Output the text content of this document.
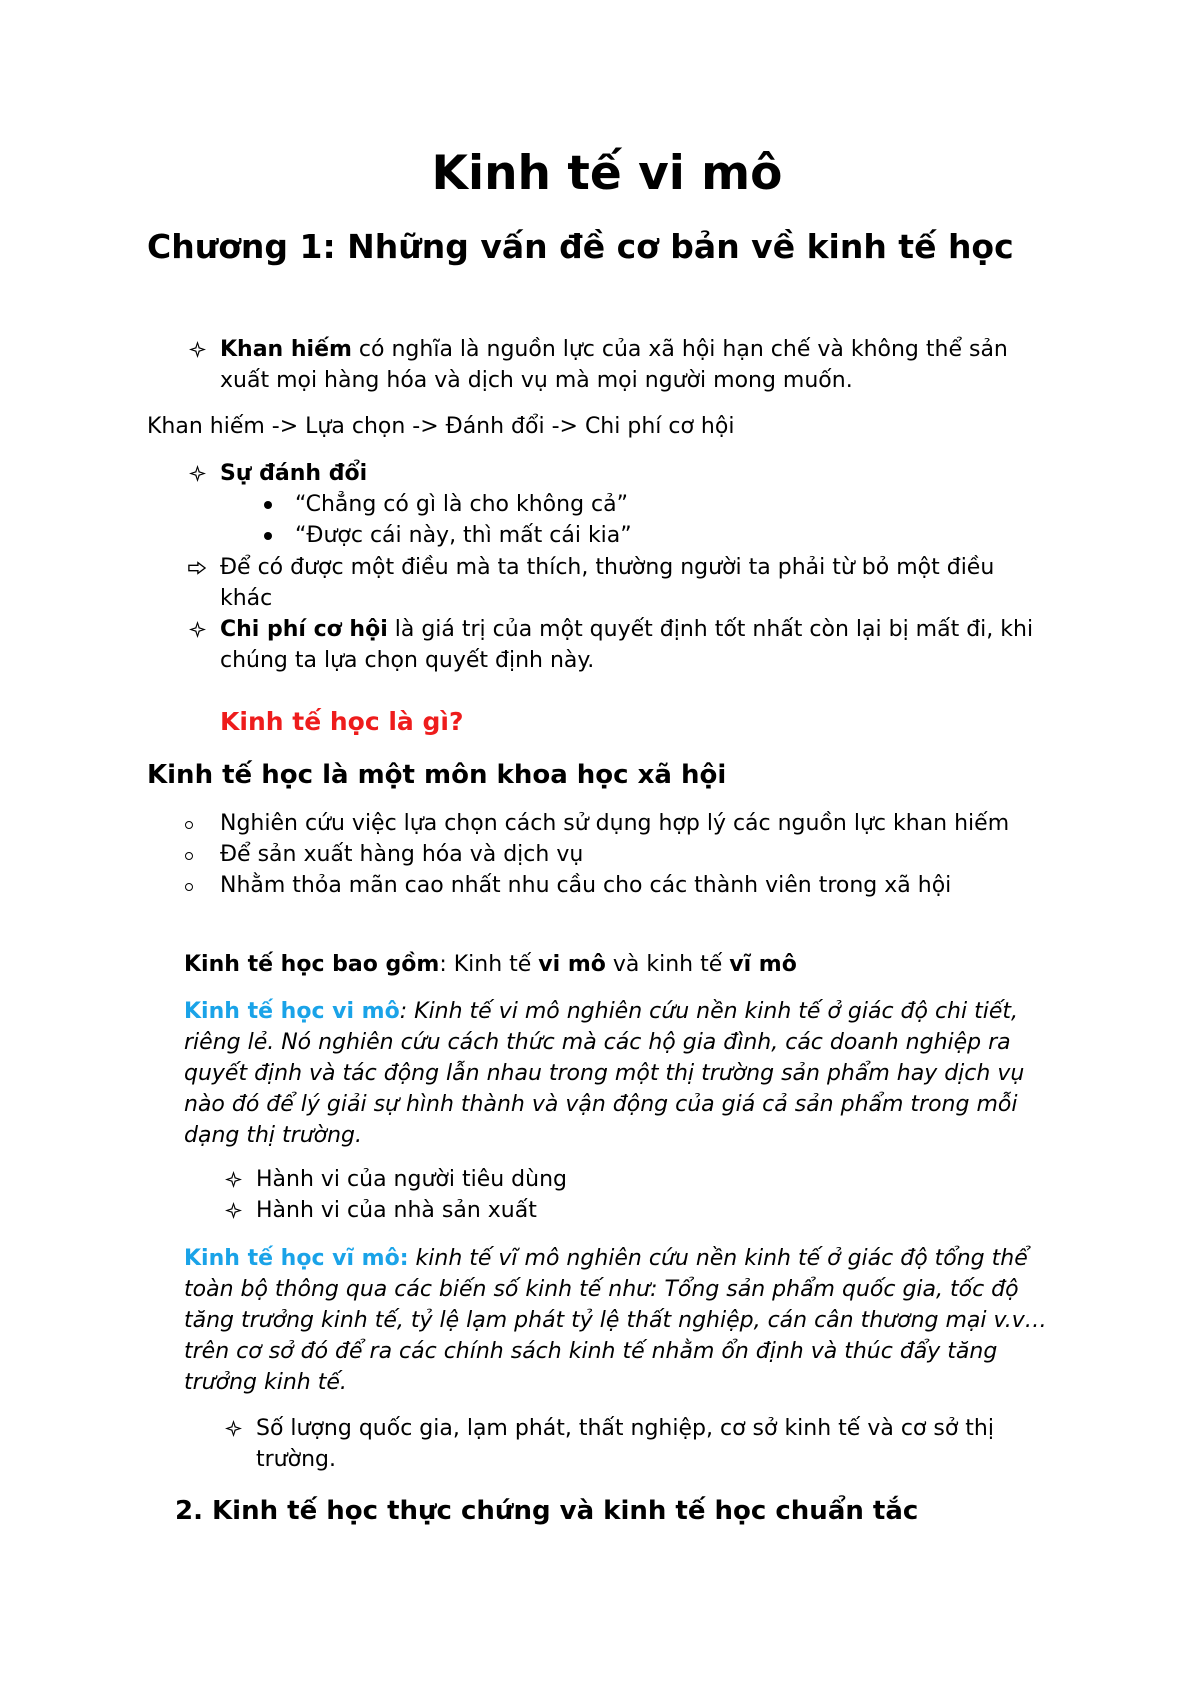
Kinh tế vi mô
Chương 1: Những vấn đề cơ bản về kinh tế học
Khan hiếm có nghĩa là nguồn lực của xã hội hạn chế và không thể sản xuất mọi hàng hóa và dịch vụ mà mọi người mong muốn.
Khan hiếm -> Lựa chọn -> Đánh đổi -> Chi phí cơ hội
Sự đánh đổi
“Chẳng có gì là cho không cả”
“Được cái này, thì mất cái kia”
Để có được một điều mà ta thích, thường người ta phải từ bỏ một điều khác
Chi phí cơ hội là giá trị của một quyết định tốt nhất còn lại bị mất đi, khi chúng ta lựa chọn quyết định này.
Kinh tế học là gì?
Kinh tế học là một môn khoa học xã hội
Nghiên cứu việc lựa chọn cách sử dụng hợp lý các nguồn lực khan hiếm
Để sản xuất hàng hóa và dịch vụ
Nhằm thỏa mãn cao nhất nhu cầu cho các thành viên trong xã hội
Kinh tế học bao gồm: Kinh tế vi mô và kinh tế vĩ mô
Kinh tế học vi mô: Kinh tế vi mô nghiên cứu nền kinh tế ở giác độ chi tiết, riêng lẻ. Nó nghiên cứu cách thức mà các hộ gia đình, các doanh nghiệp ra quyết định và tác động lẫn nhau trong một thị trường sản phẩm hay dịch vụ nào đó để lý giải sự hình thành và vận động của giá cả sản phẩm trong mỗi dạng thị trường.
Hành vi của người tiêu dùng
Hành vi của nhà sản xuất
Kinh tế học vĩ mô: kinh tế vĩ mô nghiên cứu nền kinh tế ở giác độ tổng thể toàn bộ thông qua các biến số kinh tế như: Tổng sản phẩm quốc gia, tốc độ tăng trưởng kinh tế, tỷ lệ lạm phát tỷ lệ thất nghiệp, cán cân thương mại v.v… trên cơ sở đó để ra các chính sách kinh tế nhằm ổn định và thúc đẩy tăng trưởng kinh tế.
Số lượng quốc gia, lạm phát, thất nghiệp, cơ sở kinh tế và cơ sở thị trường.
2. Kinh tế học thực chứng và kinh tế học chuẩn tắc
